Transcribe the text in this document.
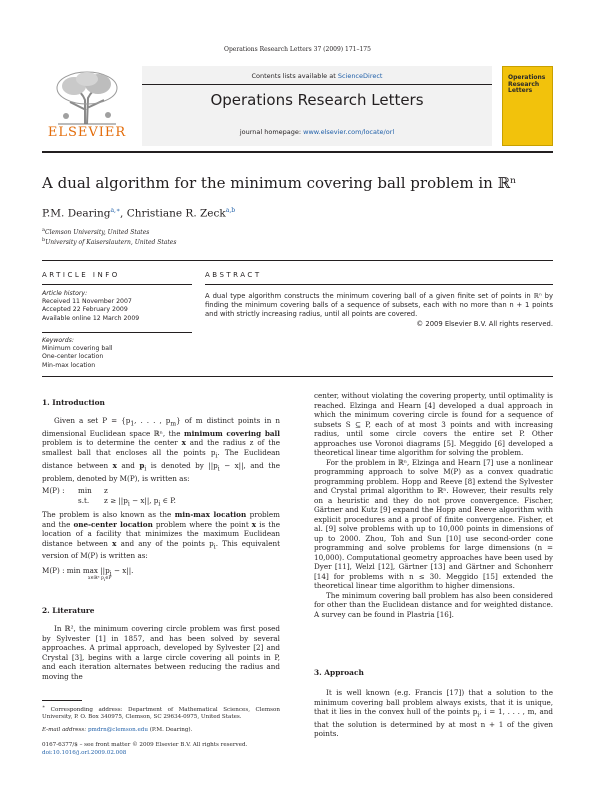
Operations Research Letters 37 (2009) 171–175
ELSEVIER
Contents lists available at ScienceDirect
Operations Research Letters
journal homepage: www.elsevier.com/locate/orl
Operations
Research
Letters
A dual algorithm for the minimum covering ball problem in ℝⁿ
P.M. Dearing$^{a,∗}$, Christiane R. Zeck$^{a,b}$
$^a$Clemson University, United States
$^b$University of Kaiserslautern, United States
ARTICLE INFO
Article history:
Received 11 November 2007
Accepted 22 February 2009
Available online 12 March 2009
Keywords:
Minimum covering ball
One-center location
Min-max location
ABSTRACT
A dual type algorithm constructs the minimum covering ball of a given finite set of points in ℝⁿ by finding the minimum covering balls of a sequence of subsets, each with no more than n + 1 points and with strictly increasing radius, until all points are covered.
© 2009 Elsevier B.V. All rights reserved.
1. Introduction

Given a set $P = \{p_1$, . . . , $p_m$} of m distinct points in n dimensional Euclidean space ℝⁿ, the minimum covering ball problem is to determine the center x and the radius z of the smallest ball that encloses all the points $p_i$. The Euclidean distance between x and $p_i$ is denoted by $||p_i - x||$, and the problem, denoted by M(P), is written as:

M(P) : min z
s.t. $z \ge ||p_i - x||$, $p_i$ ∈ P.

The problem is also known as the min-max location problem and the one-center location problem where the point x is the location of a facility that minimizes the maximum Euclidean distance between x and any of the points $p_i$. This equivalent version of M(P) is written as:

M(P) : $\min \max ||p_i - x||$.
x∈ℝⁿ $p_i\in P$
2. Literature

In ℝ², the minimum covering circle problem was first posed by Sylvester [1] in 1857, and has been solved by several approaches. A primal approach, developed by Sylvester [2] and Crystal [3], begins with a large circle covering all points in P, and each iteration alternates between reducing the radius and moving the

∗ Corresponding address: Department of Mathematical Sciences, Clemson University, P. O. Box 340975, Clemson, SC 29634-0975, United States.
E-mail address: pmdrn@clemson.edu (P.M. Dearing).
0167-6377/$ – see front matter © 2009 Elsevier B.V. All rights reserved.
doi:10.1016/j.orl.2009.02.008

center, without violating the covering property, until optimality is reached. Elzinga and Hearn [4] developed a dual approach in which the minimum covering circle is found for a sequence of subsets S ⊆ P, each of at most 3 points and with increasing radius, until some circle covers the entire set P. Other approaches use Voronoi diagrams [5]. Meggido [6] developed a theoretical linear time algorithm for solving the problem.

For the problem in ℝⁿ, Elzinga and Hearn [7] use a nonlinear programming approach to solve M(P) as a convex quadratic programming problem. Hopp and Reeve [8] extend the Sylvester and Crystal primal algorithm to ℝⁿ. However, their results rely on a heuristic and they do not prove convergence. Fischer, Gärtner and Kutz [9] expand the Hopp and Reeve algorithm with explicit procedures and a proof of finite convergence. Fisher, et al. [9] solve problems with up to 10,000 points in dimensions of up to 2000. Zhou, Toh and Sun [10] use second-order cone programming and solve problems for large dimensions (n = 10,000). Computational geometry approaches have been used by Dyer [11], Welzl [12], Gärtner [13] and Gärtner and Schonherr [14] for problems with n ≤ 30. Meggido [15] extended the theoretical linear time algorithm to higher dimensions.

The minimum covering ball problem has also been considered for other than the Euclidean distance and for weighted distance. A survey can be found in Plastria [16].

3. Approach

It is well known (e.g. Francis [17]) that a solution to the minimum covering ball problem always exists, that it is unique, that it lies in the convex hull of the points $p_i$, i = 1, . . . , m, and that the solution is determined by at most n + 1 of the given points.
